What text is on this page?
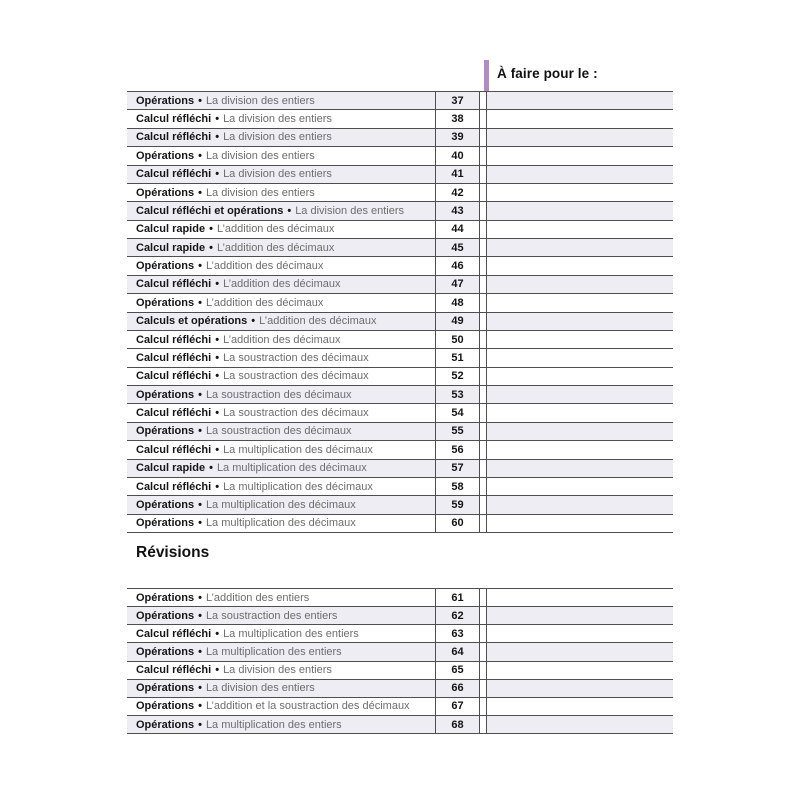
À faire pour le :
Opérations • La division des entiers	37
Calcul réfléchi • La division des entiers	38
Calcul réfléchi • La division des entiers	39
Opérations • La division des entiers	40
Calcul réfléchi • La division des entiers	41
Opérations • La division des entiers	42
Calcul réfléchi et opérations • La division des entiers	43
Calcul rapide • L’addition des décimaux	44
Calcul rapide • L’addition des décimaux	45
Opérations • L’addition des décimaux	46
Calcul réfléchi • L’addition des décimaux	47
Opérations • L’addition des décimaux	48
Calculs et opérations • L’addition des décimaux	49
Calcul réfléchi • L’addition des décimaux	50
Calcul réfléchi • La soustraction des décimaux	51
Calcul réfléchi • La soustraction des décimaux	52
Opérations • La soustraction des décimaux	53
Calcul réfléchi • La soustraction des décimaux	54
Opérations • La soustraction des décimaux	55
Calcul réfléchi • La multiplication des décimaux	56
Calcul rapide • La multiplication des décimaux	57
Calcul réfléchi • La multiplication des décimaux	58
Opérations • La multiplication des décimaux	59
Opérations • La multiplication des décimaux	60
Révisions
Opérations • L’addition des entiers	61
Opérations • La soustraction des entiers	62
Calcul réfléchi • La multiplication des entiers	63
Opérations • La multiplication des entiers	64
Calcul réfléchi • La division des entiers	65
Opérations • La division des entiers	66
Opérations • L’addition et la soustraction des décimaux	67
Opérations • La multiplication des entiers	68
